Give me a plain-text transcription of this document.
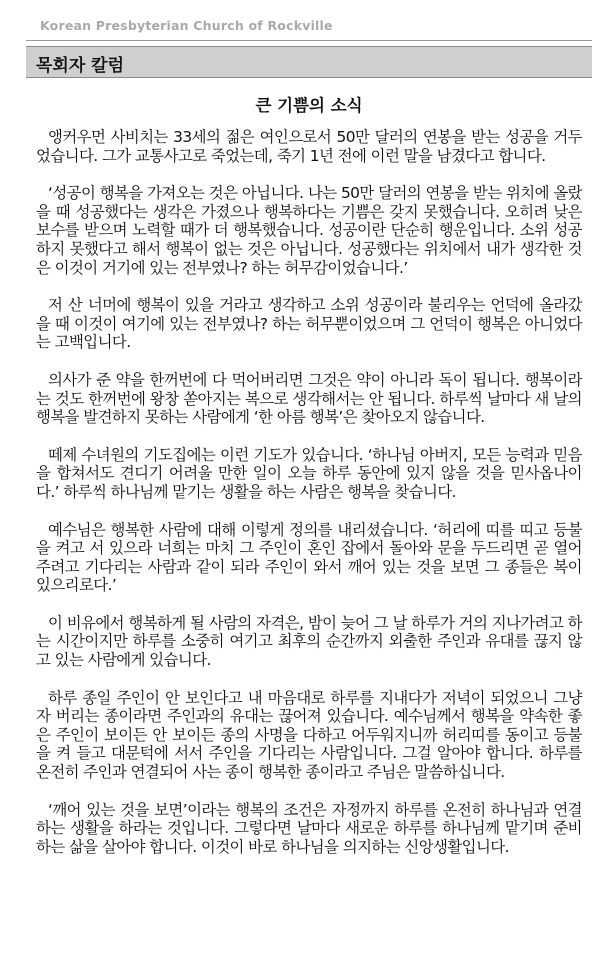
Korean Presbyterian Church of Rockville
목회자 칼럼
큰 기쁨의 소식

앵커우먼 사비치는 33세의 젊은 여인으로서 50만 달러의 연봉을 받는 성공을 거두었습니다. 그가 교통사고로 죽었는데, 죽기 1년 전에 이런 말을 남겼다고 합니다.

‘성공이 행복을 가져오는 것은 아닙니다. 나는 50만 달러의 연봉을 받는 위치에 올랐을 때 성공했다는 생각은 가졌으나 행복하다는 기쁨은 갖지 못했습니다. 오히려 낮은 보수를 받으며 노력할 때가 더 행복했습니다. 성공이란 단순히 행운입니다. 소위 성공하지 못했다고 해서 행복이 없는 것은 아닙니다. 성공했다는 위치에서 내가 생각한 것은 이것이 거기에 있는 전부였나? 하는 허무감이었습니다.’

저 산 너머에 행복이 있을 거라고 생각하고 소위 성공이라 불리우는 언덕에 올라갔을 때 이것이 여기에 있는 전부였나? 하는 허무뿐이었으며 그 언덕이 행복은 아니었다는 고백입니다.

의사가 준 약을 한꺼번에 다 먹어버리면 그것은 약이 아니라 독이 됩니다. 행복이라는 것도 한꺼번에 왕창 쏟아지는 복으로 생각해서는 안 됩니다. 하루씩 날마다 새 날의 행복을 발견하지 못하는 사람에게 ‘한 아름 행복’은 찾아오지 않습니다.

떼제 수녀원의 기도집에는 이런 기도가 있습니다. ‘하나님 아버지, 모든 능력과 믿음을 합쳐서도 견디기 어려울 만한 일이 오늘 하루 동안에 있지 않을 것을 믿사옵나이다.’ 하루씩 하나님께 맡기는 생활을 하는 사람은 행복을 찾습니다.

예수님은 행복한 사람에 대해 이렇게 정의를 내리셨습니다. ‘허리에 띠를 띠고 등불을 켜고 서 있으라 너희는 마치 그 주인이 혼인 잡에서 돌아와 문을 두드리면 곧 열어 주려고 기다리는 사람과 같이 되라 주인이 와서 깨어 있는 것을 보면 그 종들은 복이 있으리로다.’

이 비유에서 행복하게 될 사람의 자격은, 밤이 늦어 그 날 하루가 거의 지나가려고 하는 시간이지만 하루를 소중히 여기고 최후의 순간까지 외출한 주인과 유대를 끊지 않고 있는 사람에게 있습니다.

하루 종일 주인이 안 보인다고 내 마음대로 하루를 지내다가 저녁이 되었으니 그냥 자 버리는 종이라면 주인과의 유대는 끊어져 있습니다. 예수님께서 행복을 약속한 좋은 주인이 보이든 안 보이든 종의 사명을 다하고 어두워지니까 허리띠를 동이고 등불을 켜 들고 대문턱에 서서 주인을 기다리는 사람입니다. 그걸 알아야 합니다. 하루를 온전히 주인과 연결되어 사는 종이 행복한 종이라고 주님은 말씀하십니다.

‘깨어 있는 것을 보면’이라는 행복의 조건은 자정까지 하루를 온전히 하나님과 연결하는 생활을 하라는 것입니다. 그렇다면 날마다 새로운 하루를 하나님께 맡기며 준비하는 삶을 살아야 합니다. 이것이 바로 하나님을 의지하는 신앙생활입니다.
